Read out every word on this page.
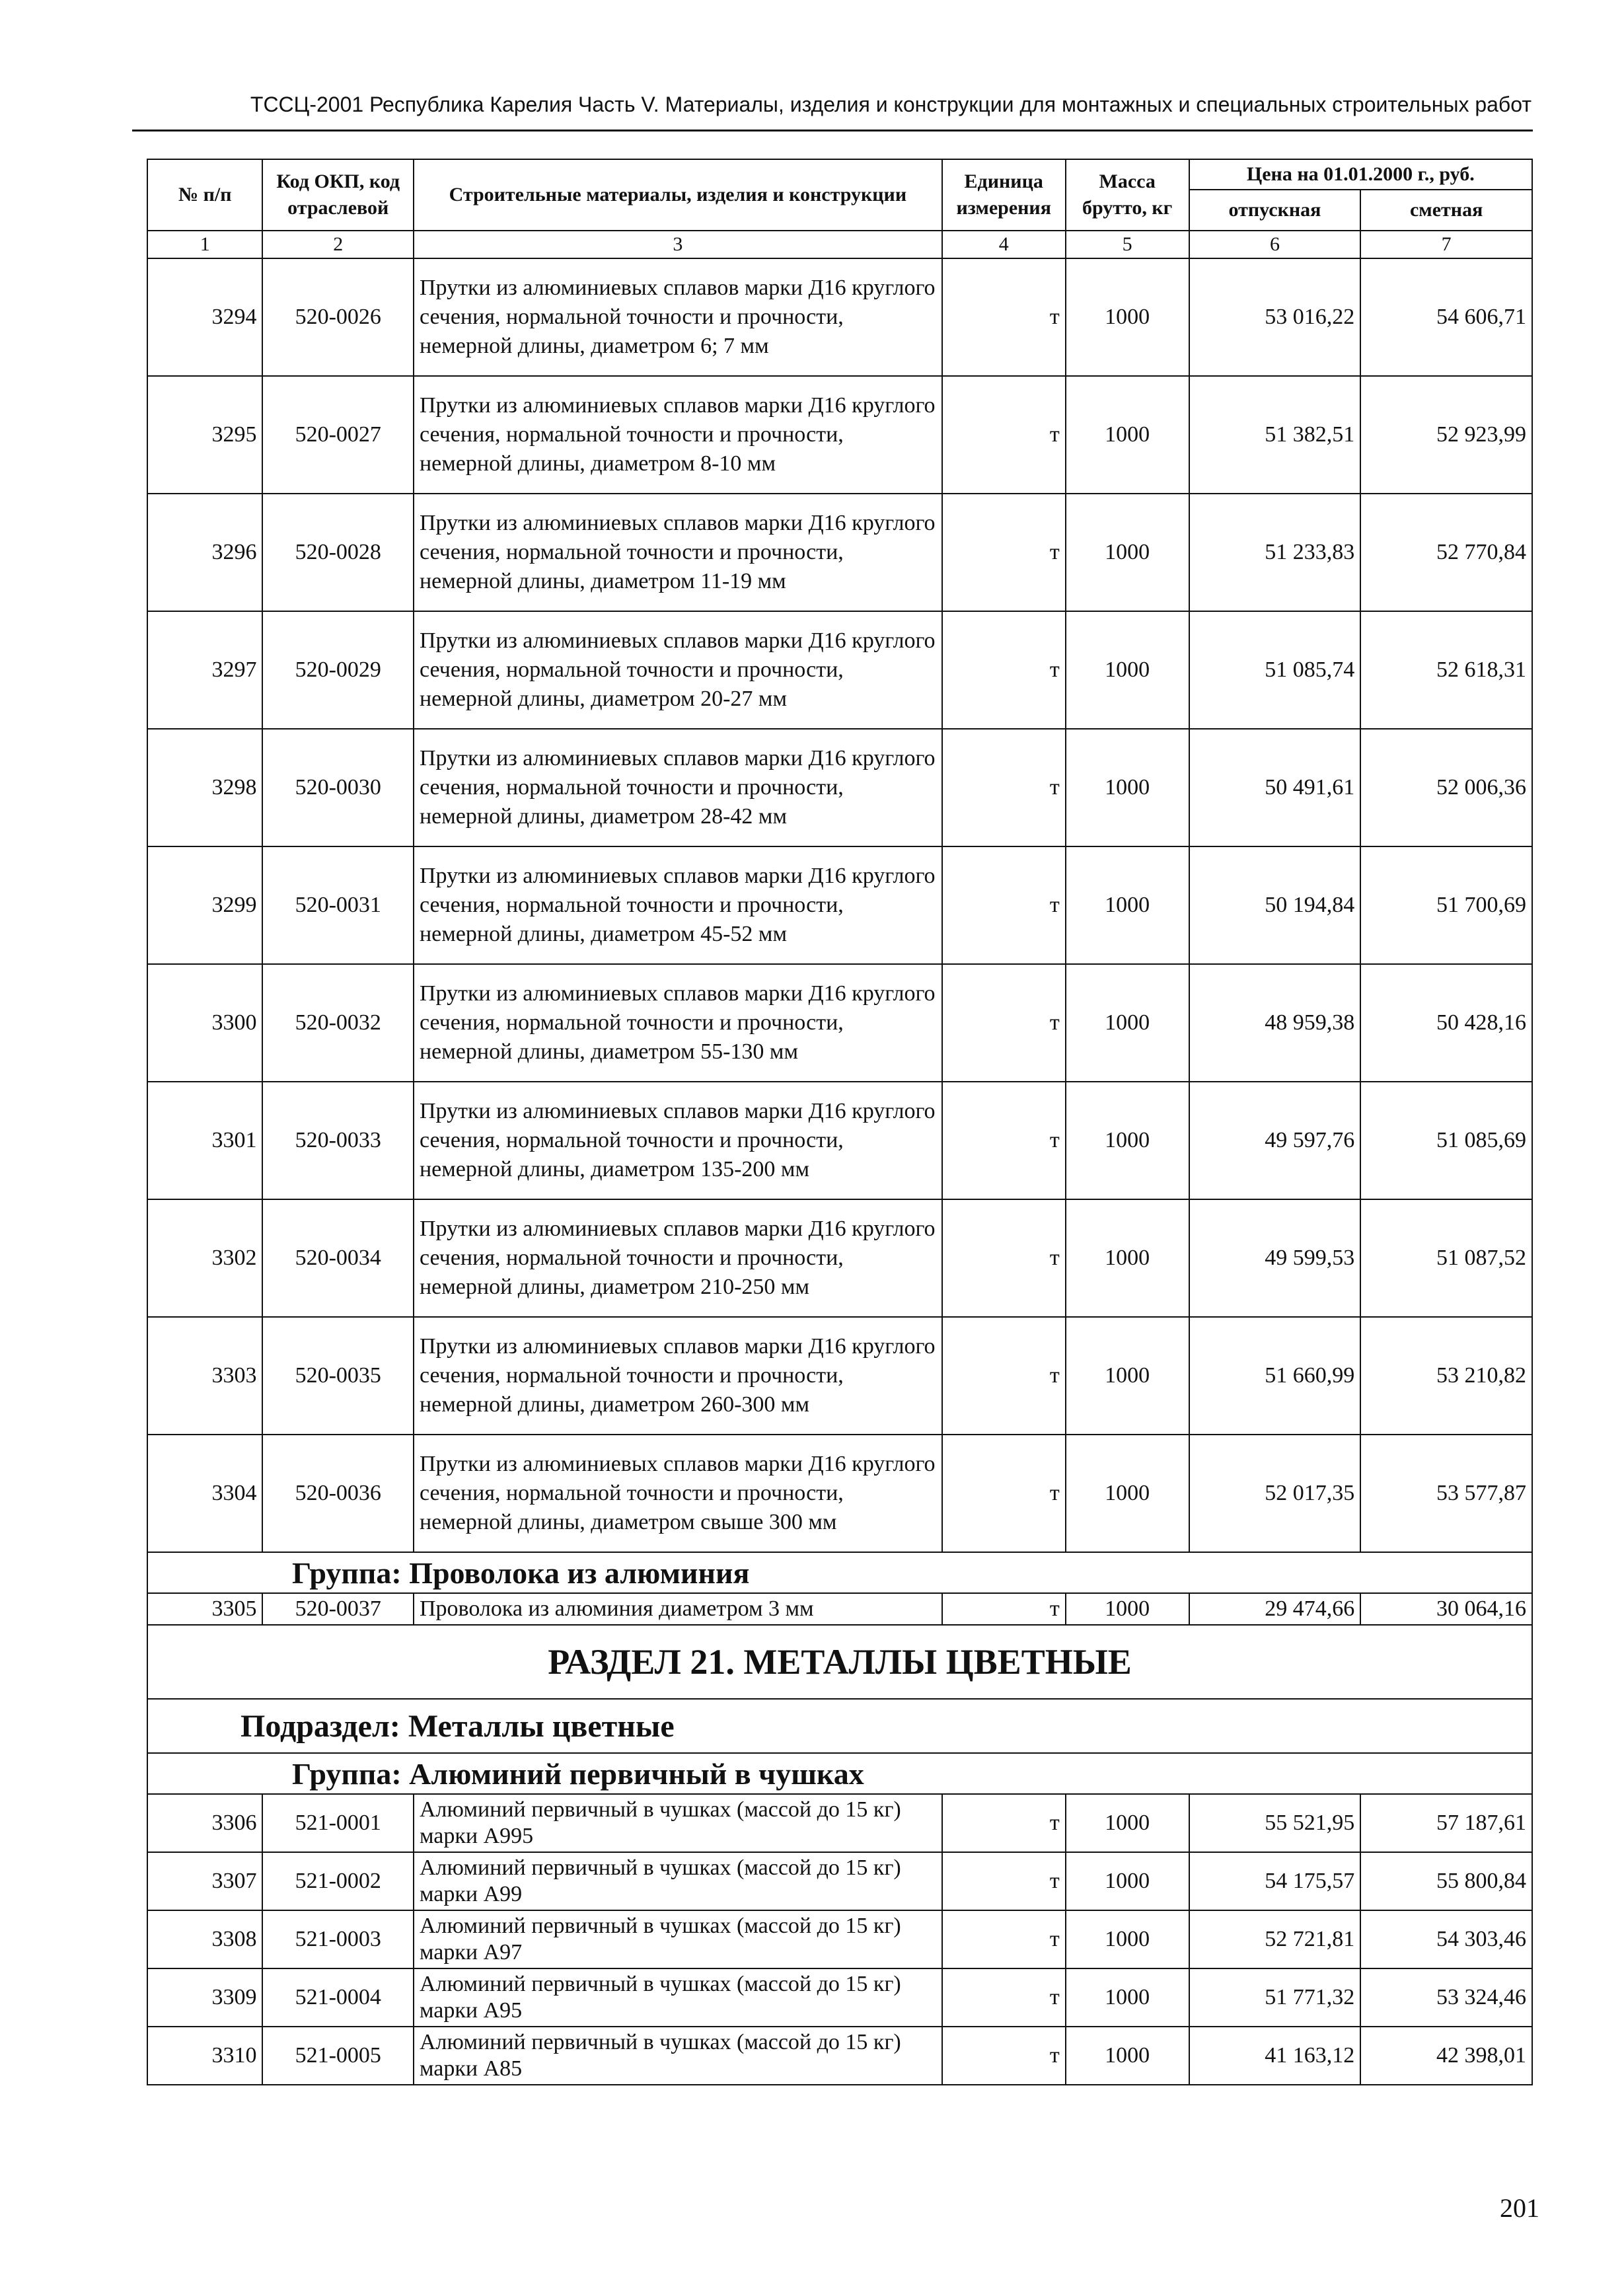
ТССЦ-2001 Республика Карелия Часть V. Материалы, изделия и конструкции для монтажных и специальных строительных работ
№ п/п	Код ОКП, код отраслевой	Строительные материалы, изделия и конструкции	Единица измерения	Масса брутто, кг	Цена на 01.01.2000 г., руб.	
					отпускная	сметная
1	2	3	4	5	6	7
3294	520-0026	Прутки из алюминиевых сплавов марки Д16 круглого сечения, нормальной точности и прочности, немерной длины, диаметром 6; 7 мм	т	1000	53 016,22	54 606,71
3295	520-0027	Прутки из алюминиевых сплавов марки Д16 круглого сечения, нормальной точности и прочности, немерной длины, диаметром 8-10 мм	т	1000	51 382,51	52 923,99
3296	520-0028	Прутки из алюминиевых сплавов марки Д16 круглого сечения, нормальной точности и прочности, немерной длины, диаметром 11-19 мм	т	1000	51 233,83	52 770,84
3297	520-0029	Прутки из алюминиевых сплавов марки Д16 круглого сечения, нормальной точности и прочности, немерной длины, диаметром 20-27 мм	т	1000	51 085,74	52 618,31
3298	520-0030	Прутки из алюминиевых сплавов марки Д16 круглого сечения, нормальной точности и прочности, немерной длины, диаметром 28-42 мм	т	1000	50 491,61	52 006,36
3299	520-0031	Прутки из алюминиевых сплавов марки Д16 круглого сечения, нормальной точности и прочности, немерной длины, диаметром 45-52 мм	т	1000	50 194,84	51 700,69
3300	520-0032	Прутки из алюминиевых сплавов марки Д16 круглого сечения, нормальной точности и прочности, немерной длины, диаметром 55-130 мм	т	1000	48 959,38	50 428,16
3301	520-0033	Прутки из алюминиевых сплавов марки Д16 круглого сечения, нормальной точности и прочности, немерной длины, диаметром 135-200 мм	т	1000	49 597,76	51 085,69
3302	520-0034	Прутки из алюминиевых сплавов марки Д16 круглого сечения, нормальной точности и прочности, немерной длины, диаметром 210-250 мм	т	1000	49 599,53	51 087,52
3303	520-0035	Прутки из алюминиевых сплавов марки Д16 круглого сечения, нормальной точности и прочности, немерной длины, диаметром 260-300 мм	т	1000	51 660,99	53 210,82
3304	520-0036	Прутки из алюминиевых сплавов марки Д16 круглого сечения, нормальной точности и прочности, немерной длины, диаметром свыше 300 мм	т	1000	52 017,35	53 577,87
Группа: Проволока из алюминия						
3305	520-0037	Проволока из алюминия диаметром 3 мм	т	1000	29 474,66	30 064,16
РАЗДЕЛ 21. МЕТАЛЛЫ ЦВЕТНЫЕ						
Подраздел: Металлы цветные						
Группа: Алюминий первичный в чушках						
3306	521-0001	Алюминий первичный в чушках (массой до 15 кг) марки А995	т	1000	55 521,95	57 187,61
3307	521-0002	Алюминий первичный в чушках (массой до 15 кг) марки А99	т	1000	54 175,57	55 800,84
3308	521-0003	Алюминий первичный в чушках (массой до 15 кг) марки А97	т	1000	52 721,81	54 303,46
3309	521-0004	Алюминий первичный в чушках (массой до 15 кг) марки А95	т	1000	51 771,32	53 324,46
3310	521-0005	Алюминий первичный в чушках (массой до 15 кг) марки А85	т	1000	41 163,12	42 398,01
201
